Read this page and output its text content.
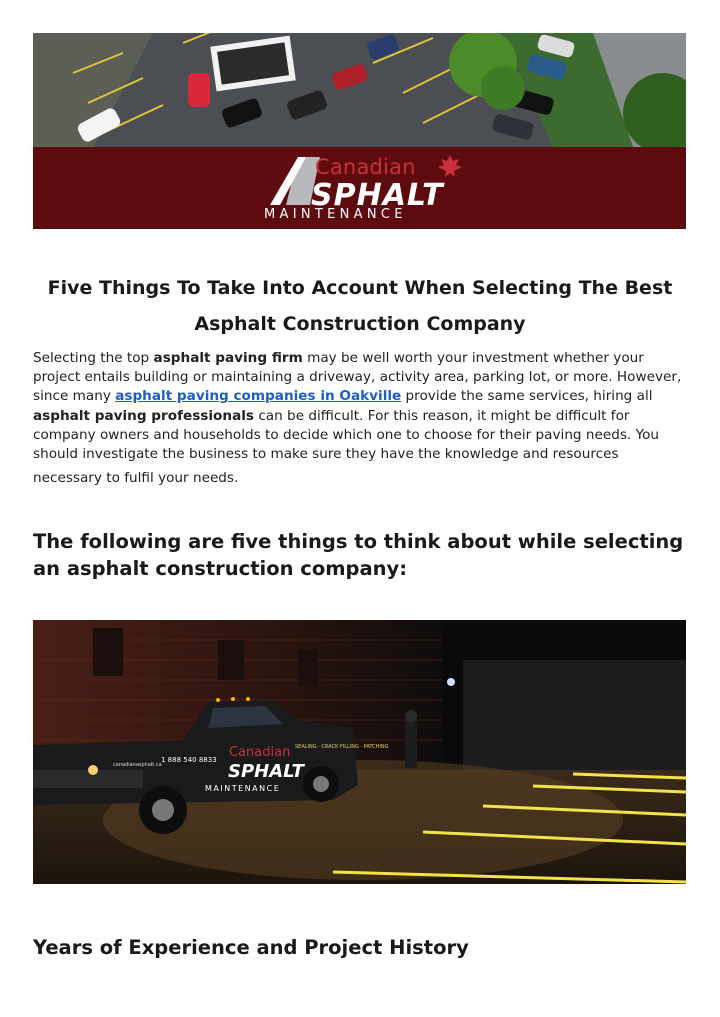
Canadian
SPHALT
MAINTENANCE
Five Things To Take Into Account When Selecting The Best Asphalt Construction Company

Selecting the top asphalt paving firm may be well worth your investment whether your project entails building or maintaining a driveway, activity area, parking lot, or more. However, since many asphalt paving companies in Oakville provide the same services, hiring all asphalt paving professionals can be difficult. For this reason, it might be difficult for company owners and households to decide which one to choose for their paving needs. You should investigate the business to make sure they have the knowledge and resources
necessary to fulfil your needs.

The following are five things to think about while selecting an asphalt construction company:
Canadian
SPHALT
MAINTENANCE
1 888 540 8833
canadianasphalt.ca
SEALING · CRACK FILLING · PATCHING
Years of Experience and Project History
